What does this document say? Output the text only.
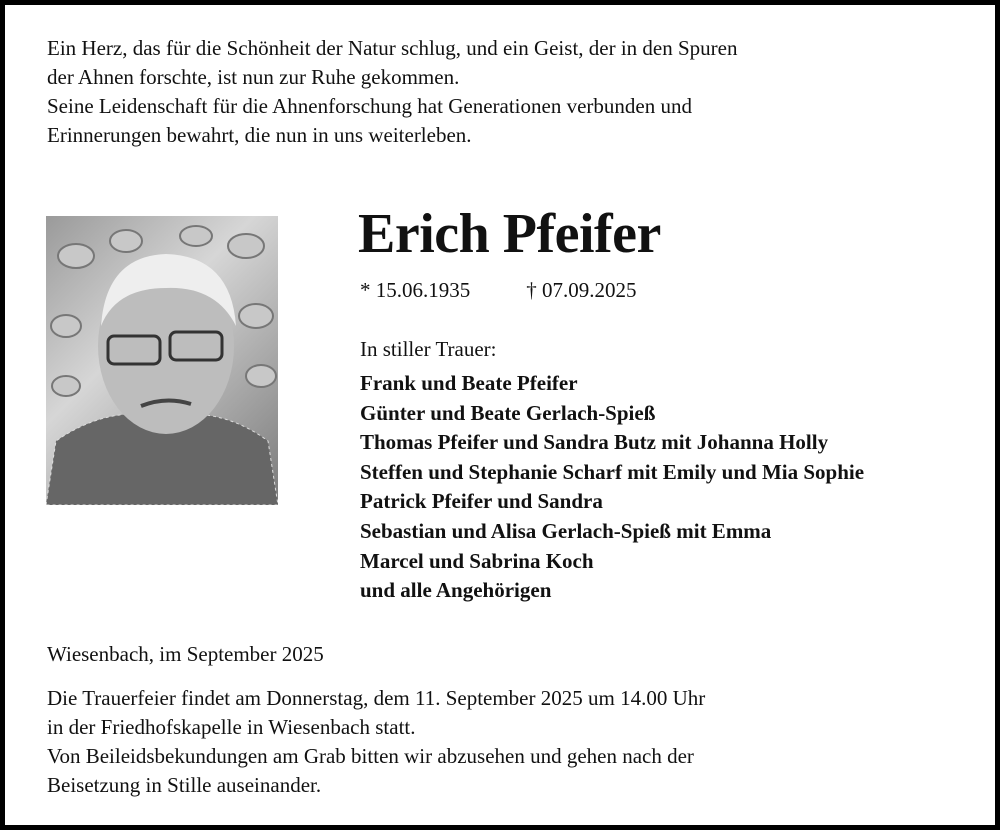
Ein Herz, das für die Schönheit der Natur schlug, und ein Geist, der in den Spuren
der Ahnen forschte, ist nun zur Ruhe gekommen.
Seine Leidenschaft für die Ahnenforschung hat Generationen verbunden und
Erinnerungen bewahrt, die nun in uns weiterleben.
Erich Pfeifer
* 15.06.1935	† 07.09.2025
In stiller Trauer:
Frank und Beate Pfeifer
Günter und Beate Gerlach-Spieß
Thomas Pfeifer und Sandra Butz mit Johanna Holly
Steffen und Stephanie Scharf mit Emily und Mia Sophie
Patrick Pfeifer und Sandra
Sebastian und Alisa Gerlach-Spieß mit Emma
Marcel und Sabrina Koch
und alle Angehörigen
Wiesenbach, im September 2025
Die Trauerfeier findet am Donnerstag, dem 11. September 2025 um 14.00 Uhr
in der Friedhofskapelle in Wiesenbach statt.
Von Beileidsbekundungen am Grab bitten wir abzusehen und gehen nach der
Beisetzung in Stille auseinander.
